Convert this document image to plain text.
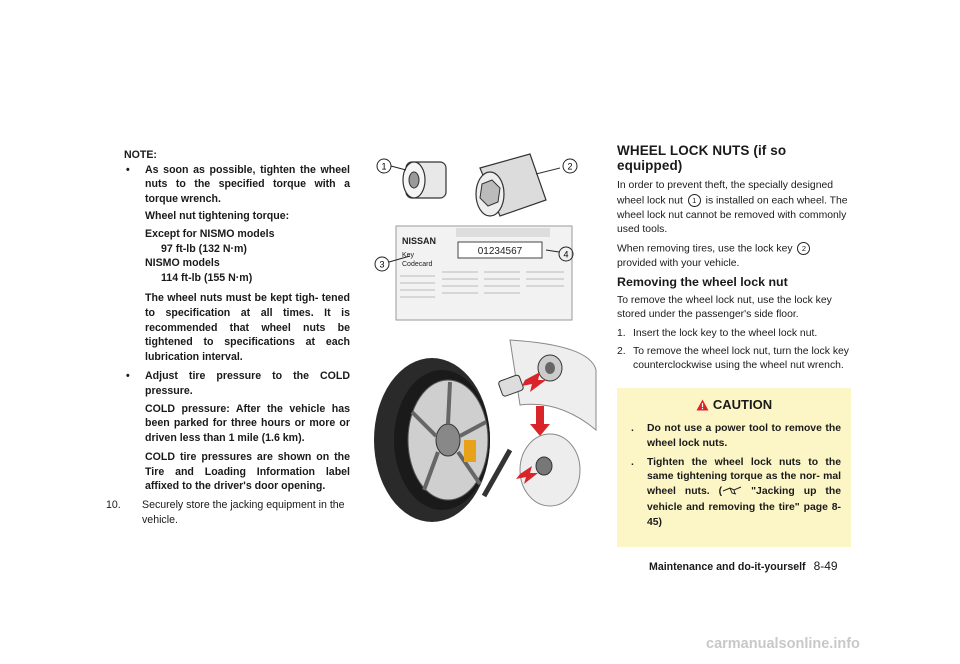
NOTE:
• As soon as possible, tighten the wheel nuts to the specified torque with a torque wrench.
Wheel nut tightening torque:
Except for NISMO models
97 ft-lb (132 N·m)
NISMO models
114 ft-lb (155 N·m)
The wheel nuts must be kept tigh- tened to specification at all times. It is recommended that wheel nuts be tightened to specifications at each lubrication interval.
• Adjust tire pressure to the COLD pressure.
COLD pressure: After the vehicle has been parked for three hours or more or driven less than 1 mile (1.6 km).
COLD tire pressures are shown on the Tire and Loading Information label affixed to the driver's door opening.
10. Securely store the jacking equipment in the vehicle.
1	2
NISSAN
Key
Codecard
01234567
3
4
WHEEL LOCK NUTS (if so equipped)

In order to prevent theft, the specially designed wheel lock nut 1 is installed on each wheel. The wheel lock nut cannot be removed with commonly used tools.

When removing tires, use the lock key 2 provided with your vehicle.

Removing the wheel lock nut

To remove the wheel lock nut, use the lock key stored under the passenger's side floor.

1. Insert the lock key to the wheel lock nut.
2. To remove the wheel lock nut, turn the lock key counterclockwise using the wheel nut wrench.
CAUTION
. Do not use a power tool to remove the wheel lock nuts.
. Tighten the wheel lock nuts to the same tightening torque as the nor- mal wheel nuts. (	"Jacking up the vehicle and removing the tire" page 8-45)
Maintenance and do-it-yourself 8-49
carmanualsonline.info
